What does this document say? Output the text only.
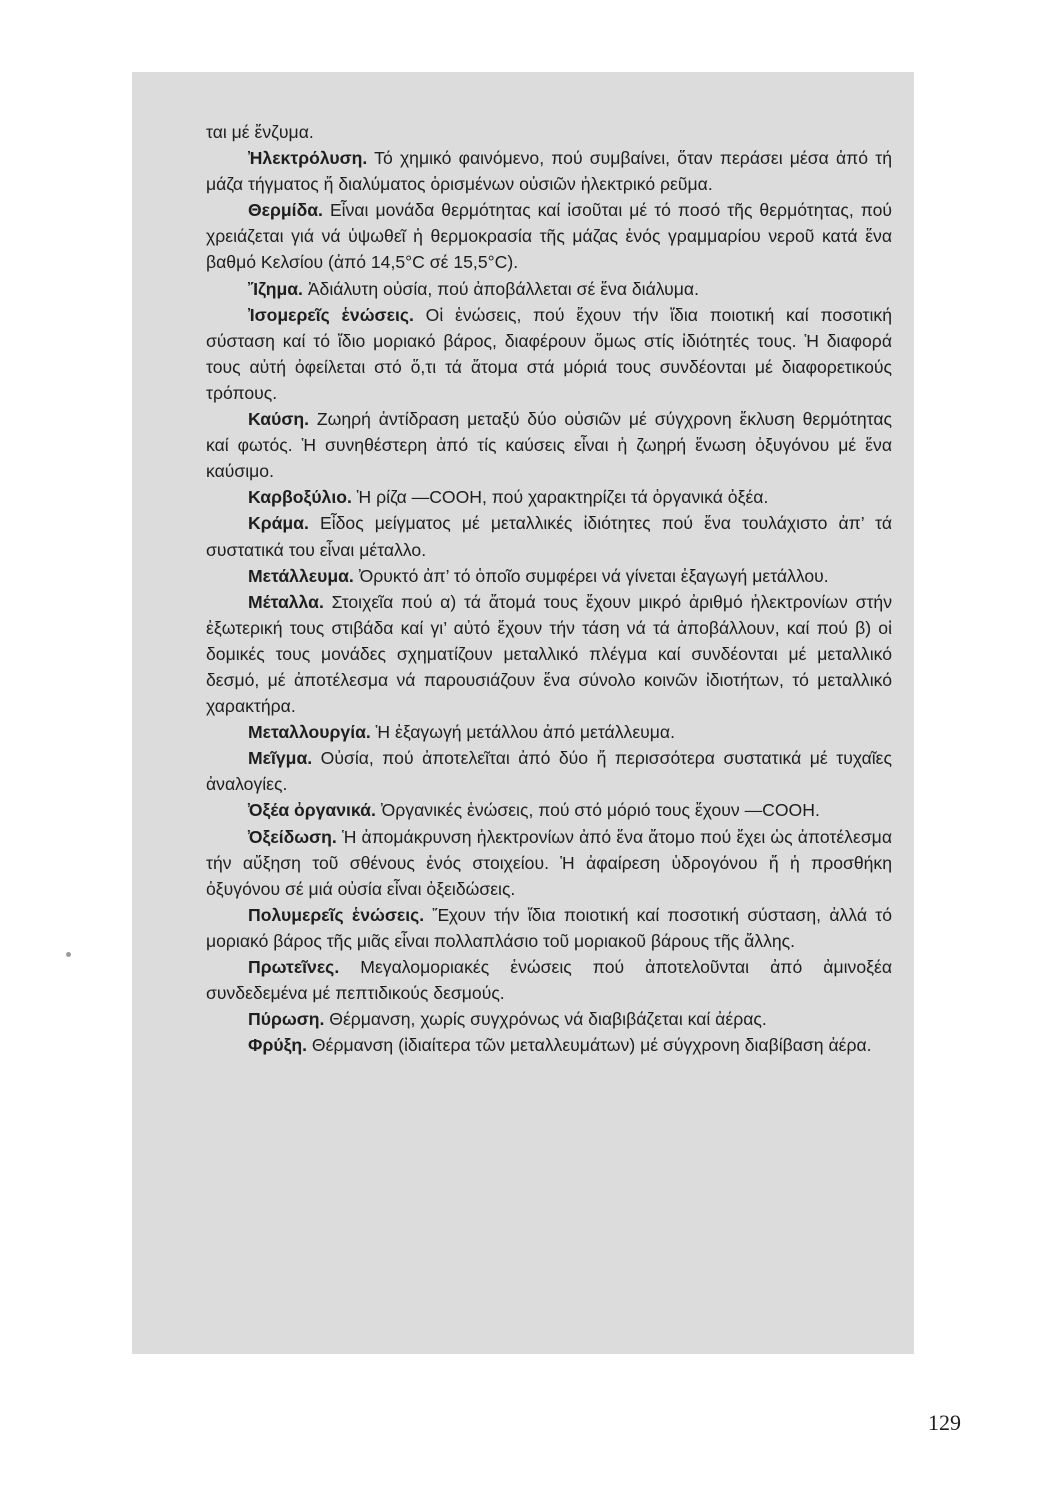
ται μέ ἔνζυμα.

Ἠλεκτρόλυση. Τό χημικό φαινόμενο, πού συμβαίνει, ὅταν περάσει μέσα ἀπό τή μάζα τήγματος ἤ διαλύματος ὁρισμένων οὐσιῶν ἠλεκτρικό ρεῦμα.

Θερμίδα. Εἶναι μονάδα θερμότητας καί ἰσοῦται μέ τό ποσό τῆς θερμότητας, πού χρειάζεται γιά νά ὑψωθεῖ ἡ θερμοκρασία τῆς μάζας ἑνός γραμμαρίου νεροῦ κατά ἕνα βαθμό Κελσίου (ἀπό 14,5°C σέ 15,5°C).

Ἴζημα. Ἀδιάλυτη οὐσία, πού ἀποβάλλεται σέ ἕνα διάλυμα.

Ἰσομερεῖς ἑνώσεις. Οἱ ἑνώσεις, πού ἔχουν τήν ἴδια ποιοτική καί ποσοτική σύσταση καί τό ἴδιο μοριακό βάρος, διαφέρουν ὅμως στίς ἰδιότητές τους. Ἡ διαφορά τους αὐτή ὀφείλεται στό ὅ,τι τά ἄτομα στά μόριά τους συνδέονται μέ διαφορετικούς τρόπους.

Καύση. Ζωηρή ἀντίδραση μεταξύ δύο οὐσιῶν μέ σύγχρονη ἔκλυση θερμότητας καί φωτός. Ἡ συνηθέστερη ἀπό τίς καύσεις εἶναι ἡ ζωηρή ἕνωση ὀξυγόνου μέ ἕνα καύσιμο.

Καρβοξύλιο. Ἡ ρίζα —COOH, πού χαρακτηρίζει τά ὀργανικά ὀξέα.

Κράμα. Εἶδος μείγματος μέ μεταλλικές ἰδιότητες πού ἕνα τουλάχιστο ἀπ’ τά συστατικά του εἶναι μέταλλο.

Μετάλλευμα. Ὀρυκτό ἀπ’ τό ὁποῖο συμφέρει νά γίνεται ἐξαγωγή μετάλλου.

Μέταλλα. Στοιχεῖα πού α) τά ἄτομά τους ἔχουν μικρό ἀριθμό ἠλεκτρονίων στήν ἐξωτερική τους στιβάδα καί γι’ αὐτό ἔχουν τήν τάση νά τά ἀποβάλλουν, καί πού β) οἱ δομικές τους μονάδες σχηματίζουν μεταλλικό πλέγμα καί συνδέονται μέ μεταλλικό δεσμό, μέ ἀποτέλεσμα νά παρουσιάζουν ἕνα σύνολο κοινῶν ἰδιοτήτων, τό μεταλλικό χαρακτήρα.

Μεταλλουργία. Ἡ ἐξαγωγή μετάλλου ἀπό μετάλλευμα.

Μεῖγμα. Οὐσία, πού ἀποτελεῖται ἀπό δύο ἤ περισσότερα συστατικά μέ τυχαῖες ἀναλογίες.

Ὀξέα ὀργανικά. Ὀργανικές ἑνώσεις, πού στό μόριό τους ἔχουν —COOH.

Ὀξείδωση. Ἡ ἀπομάκρυνση ἠλεκτρονίων ἀπό ἕνα ἄτομο πού ἔχει ὡς ἀποτέλεσμα τήν αὔξηση τοῦ σθένους ἑνός στοιχείου. Ἡ ἀφαίρεση ὑδρογόνου ἤ ἡ προσθήκη ὀξυγόνου σέ μιά οὐσία εἶναι ὀξειδώσεις.

Πολυμερεῖς ἑνώσεις. Ἔχουν τήν ἴδια ποιοτική καί ποσοτική σύσταση, ἀλλά τό μοριακό βάρος τῆς μιᾶς εἶναι πολλαπλάσιο τοῦ μοριακοῦ βάρους τῆς ἄλλης.

Πρωτεῖνες. Μεγαλομοριακές ἑνώσεις πού ἀποτελοῦνται ἀπό ἀμινοξέα συνδεδεμένα μέ πεπτιδικούς δεσμούς.

Πύρωση. Θέρμανση, χωρίς συγχρόνως νά διαβιβάζεται καί ἀέρας.

Φρύξη. Θέρμανση (ἰδιαίτερα τῶν μεταλλευμάτων) μέ σύγχρονη διαβίβαση ἀέρα.

129
